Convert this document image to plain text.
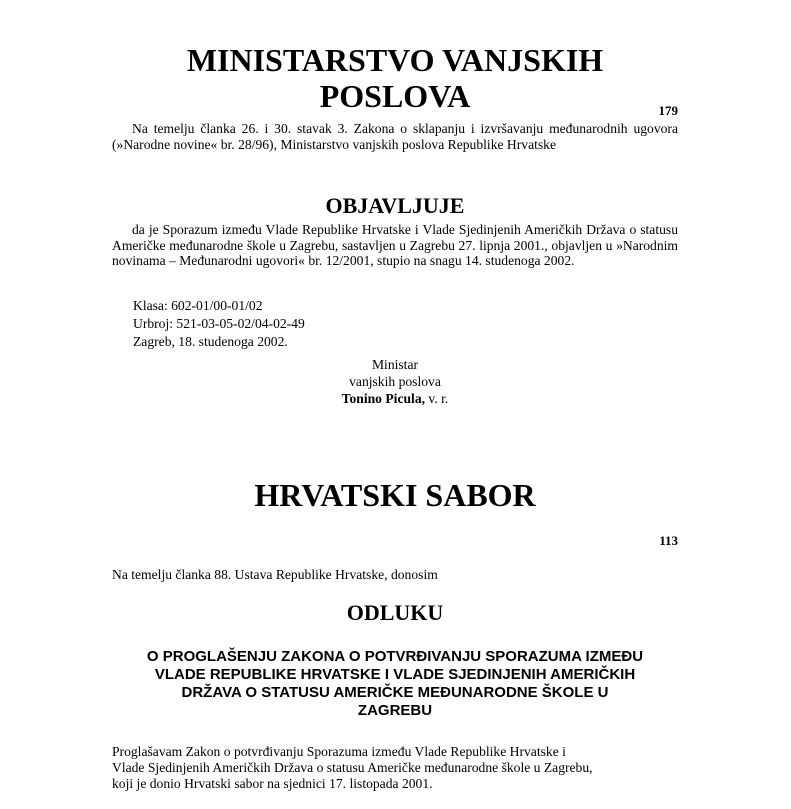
MINISTARSTVO VANJSKIH POSLOVA	179

Na temelju članka 26. i 30. stavak 3. Zakona o sklapanju i izvršavanju međunarodnih ugovora (»Narodne novine« br. 28/96), Ministarstvo vanjskih poslova Republike Hrvatske

OBJAVLJUJE

da je Sporazum između Vlade Republike Hrvatske i Vlade Sjedinjenih Američkih Država o statusu Američke međunarodne škole u Zagrebu, sastavljen u Zagrebu 27. lipnja 2001., objavljen u »Narodnim novinama – Međunarodni ugovori« br. 12/2001, stupio na snagu 14. studenoga 2002.

Klasa: 602-01/00-01/02
Urbroj: 521-03-05-02/04-02-49
Zagreb, 18. studenoga 2002.
Ministar
vanjskih poslova
Tonino Picula, v. r.
HRVATSKI SABOR
113

Na temelju članka 88. Ustava Republike Hrvatske, donosim

ODLUKU
O PROGLAŠENJU ZAKONA O POTVRĐIVANJU SPORAZUMA IZMEĐU
VLADE REPUBLIKE HRVATSKE I VLADE SJEDINJENIH AMERIČKIH
DRŽAVA O STATUSU AMERIČKE MEĐUNARODNE ŠKOLE U
ZAGREBU
Proglašavam Zakon o potvrđivanju Sporazuma između Vlade Republike Hrvatske i
Vlade Sjedinjenih Američkih Država o statusu Američke međunarodne škole u Zagrebu,
koji je donio Hrvatski sabor na sjednici 17. listopada 2001.
